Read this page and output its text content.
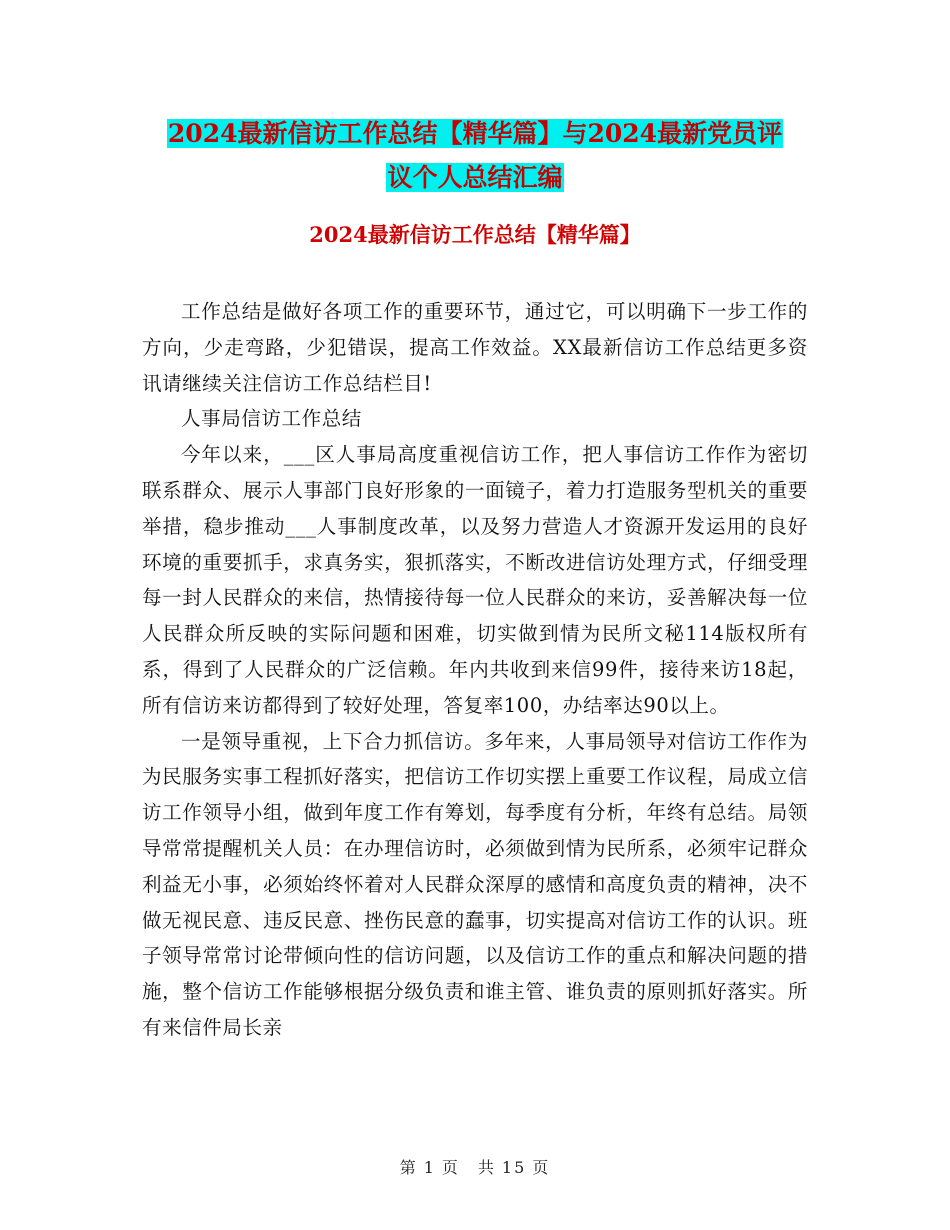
2024最新信访工作总结【精华篇】与2024最新党员评
议个人总结汇编
2024最新信访工作总结【精华篇】

工作总结是做好各项工作的重要环节，通过它，可以明确下一步工作的方向，少走弯路，少犯错误，提高工作效益。XX最新信访工作总结更多资讯请继续关注信访工作总结栏目!

人事局信访工作总结

今年以来，___区人事局高度重视信访工作，把人事信访工作作为密切联系群众、展示人事部门良好形象的一面镜子，着力打造服务型机关的重要举措，稳步推动___人事制度改革，以及努力营造人才资源开发运用的良好环境的重要抓手，求真务实，狠抓落实，不断改进信访处理方式，仔细受理每一封人民群众的来信，热情接待每一位人民群众的来访，妥善解决每一位人民群众所反映的实际问题和困难，切实做到情为民所文秘114版权所有系，得到了人民群众的广泛信赖。年内共收到来信99件，接待来访18起，所有信访来访都得到了较好处理，答复率100，办结率达90以上。

一是领导重视，上下合力抓信访。多年来，人事局领导对信访工作作为为民服务实事工程抓好落实，把信访工作切实摆上重要工作议程，局成立信访工作领导小组，做到年度工作有筹划，每季度有分析，年终有总结。局领导常常提醒机关人员：在办理信访时，必须做到情为民所系，必须牢记群众利益无小事，必须始终怀着对人民群众深厚的感情和高度负责的精神，决不做无视民意、违反民意、挫伤民意的蠢事，切实提高对信访工作的认识。班子领导常常讨论带倾向性的信访问题，以及信访工作的重点和解决问题的措施，整个信访工作能够根据分级负责和谁主管、谁负责的原则抓好落实。所有来信件局长亲

第 1 页　共 15 页
